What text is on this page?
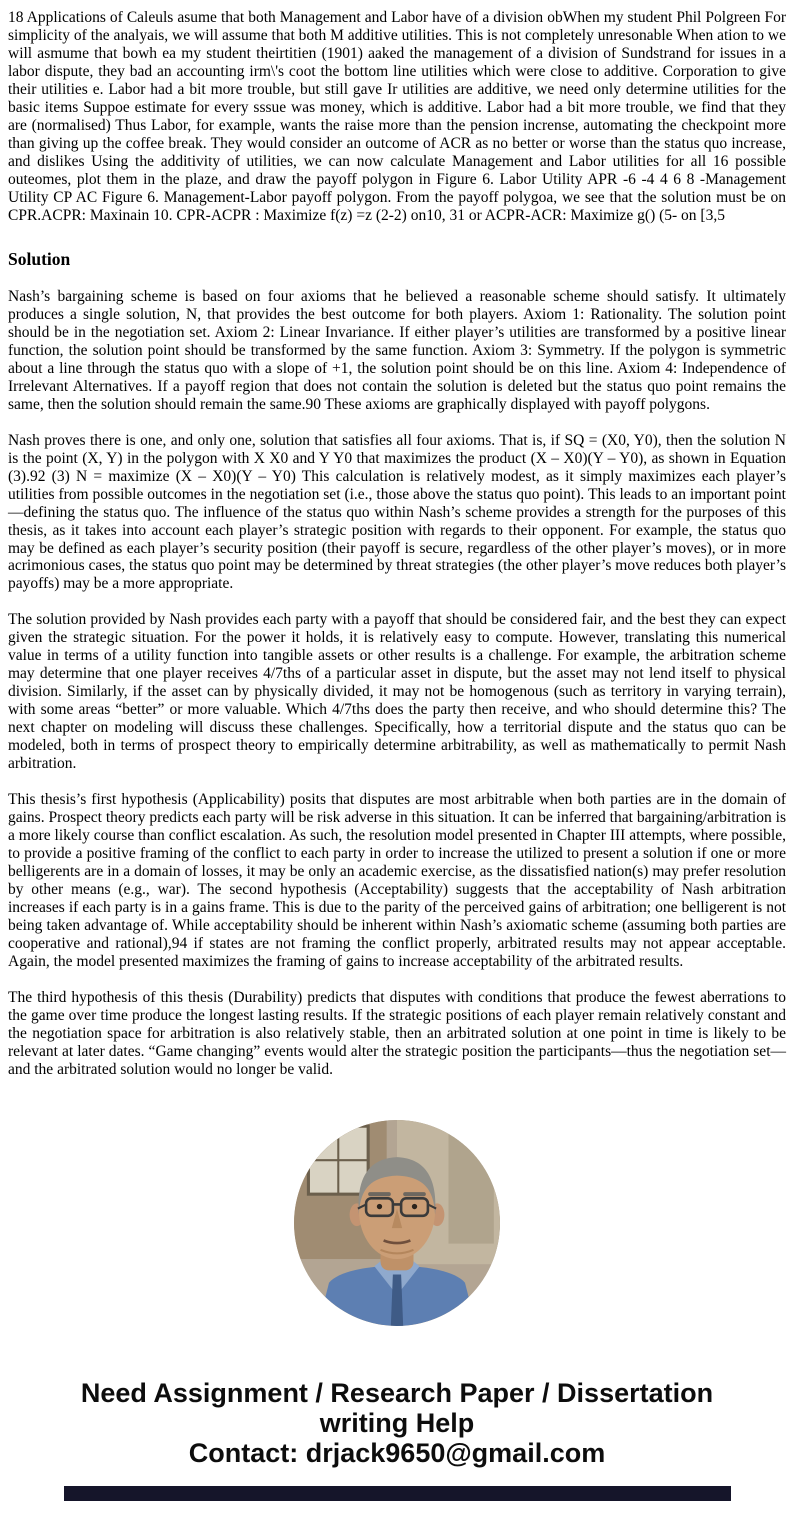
18 Applications of Caleuls asume that both Management and Labor have of a division obWhen my student Phil Polgreen For simplicity of the analyais, we will assume that both M additive utilities. This is not completely unresonable When ation to we will asmume that bowh ea my student theirtitien (1901) aaked the management of a division of Sundstrand for issues in a labor dispute, they bad an accounting irm\'s coot the bottom line utilities which were close to additive. Corporation to give their utilities e. Labor had a bit more trouble, but still gave Ir utilities are additive, we need only determine utilities for the basic items Suppoe estimate for every sssue was money, which is additive. Labor had a bit more trouble, we find that they are (normalised) Thus Labor, for example, wants the raise more than the pension incrense, automating the checkpoint more than giving up the coffee break. They would consider an outcome of ACR as no better or worse than the status quo increase, and dislikes Using the additivity of utilities, we can now calculate Management and Labor utilities for all 16 possible outeomes, plot them in the plaze, and draw the payoff polygon in Figure 6. Labor Utility APR -6 -4 4 6 8 -Management Utility CP AC Figure 6. Management-Labor payoff polygon. From the payoff polygoa, we see that the solution must be on CPR.ACPR: Maxinain 10. CPR-ACPR : Maximize f(z) =z (2-2) on10, 31 or ACPR-ACR: Maximize g() (5- on [3,5

Solution

Nash’s bargaining scheme is based on four axioms that he believed a reasonable scheme should satisfy. It ultimately produces a single solution, N, that provides the best outcome for both players. Axiom 1: Rationality. The solution point should be in the negotiation set. Axiom 2: Linear Invariance. If either player’s utilities are transformed by a positive linear function, the solution point should be transformed by the same function. Axiom 3: Symmetry. If the polygon is symmetric about a line through the status quo with a slope of +1, the solution point should be on this line. Axiom 4: Independence of Irrelevant Alternatives. If a payoff region that does not contain the solution is deleted but the status quo point remains the same, then the solution should remain the same.90 These axioms are graphically displayed with payoff polygons.

Nash proves there is one, and only one, solution that satisfies all four axioms. That is, if SQ = (X0, Y0), then the solution N is the point (X, Y) in the polygon with X X0 and Y Y0 that maximizes the product (X – X0)(Y – Y0), as shown in Equation (3).92 (3) N = maximize (X – X0)(Y – Y0) This calculation is relatively modest, as it simply maximizes each player’s utilities from possible outcomes in the negotiation set (i.e., those above the status quo point). This leads to an important point—defining the status quo. The influence of the status quo within Nash’s scheme provides a strength for the purposes of this thesis, as it takes into account each player’s strategic position with regards to their opponent. For example, the status quo may be defined as each player’s security position (their payoff is secure, regardless of the other player’s moves), or in more acrimonious cases, the status quo point may be determined by threat strategies (the other player’s move reduces both player’s payoffs) may be a more appropriate.

The solution provided by Nash provides each party with a payoff that should be considered fair, and the best they can expect given the strategic situation. For the power it holds, it is relatively easy to compute. However, translating this numerical value in terms of a utility function into tangible assets or other results is a challenge. For example, the arbitration scheme may determine that one player receives 4/7ths of a particular asset in dispute, but the asset may not lend itself to physical division. Similarly, if the asset can by physically divided, it may not be homogenous (such as territory in varying terrain), with some areas “better” or more valuable. Which 4/7ths does the party then receive, and who should determine this? The next chapter on modeling will discuss these challenges. Specifically, how a territorial dispute and the status quo can be modeled, both in terms of prospect theory to empirically determine arbitrability, as well as mathematically to permit Nash arbitration.

This thesis’s first hypothesis (Applicability) posits that disputes are most arbitrable when both parties are in the domain of gains. Prospect theory predicts each party will be risk adverse in this situation. It can be inferred that bargaining/arbitration is a more likely course than conflict escalation. As such, the resolution model presented in Chapter III attempts, where possible, to provide a positive framing of the conflict to each party in order to increase the utilized to present a solution if one or more belligerents are in a domain of losses, it may be only an academic exercise, as the dissatisfied nation(s) may prefer resolution by other means (e.g., war). The second hypothesis (Acceptability) suggests that the acceptability of Nash arbitration increases if each party is in a gains frame. This is due to the parity of the perceived gains of arbitration; one belligerent is not being taken advantage of. While acceptability should be inherent within Nash’s axiomatic scheme (assuming both parties are cooperative and rational),94 if states are not framing the conflict properly, arbitrated results may not appear acceptable. Again, the model presented maximizes the framing of gains to increase acceptability of the arbitrated results.

The third hypothesis of this thesis (Durability) predicts that disputes with conditions that produce the fewest aberrations to the game over time produce the longest lasting results. If the strategic positions of each player remain relatively constant and the negotiation space for arbitration is also relatively stable, then an arbitrated solution at one point in time is likely to be relevant at later dates. “Game changing” events would alter the strategic position the participants—thus the negotiation set—and the arbitrated solution would no longer be valid.

Need Assignment / Research Paper / Dissertation
writing Help
Contact: drjack9650@gmail.com
